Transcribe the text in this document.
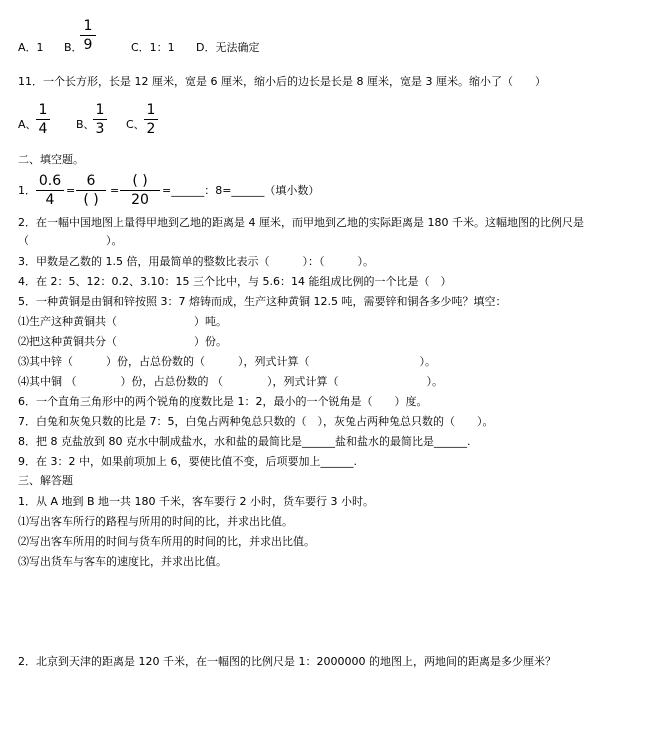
A．1 B．
1
9	C．1：1 D．无法确定
11．一个长方形，长是 12 厘米，宽是 6 厘米，缩小后的边长是长是 8 厘米，宽是 3 厘米。缩小了（　　）
A、
1
4	B、
1
3 C、
1
2
二、填空题。
1．
0.6
4
=
6
( )
=
( )
20
=______：8=______（填小数）
2．在一幅中国地图上量得甲地到乙地的距离是 4 厘米，而甲地到乙地的实际距离是 180 千米。这幅地图的比例尺是
（　　　　　　　）。
3．甲数是乙数的 1.5 倍，用最简单的整数比表示（　　　）：（　　　）。
4．在 2：5、12：0.2、3.10：15 三个比中，与 5.6：14 能组成比例的一个比是（　）
5．一种黄铜是由铜和锌按照 3：7 熔铸而成，生产这种黄铜 12.5 吨，需要锌和铜各多少吨？填空：
⑴生产这种黄铜共（　　　　　　　）吨。
⑵把这种黄铜共分（　　　　　　　）份。
⑶其中锌（　　　）份，占总份数的（　　　），列式计算（　　　　　　　　　　）。
⑷其中铜 （　　　　）份，占总份数的 （　　　　），列式计算（　　　　　　　　）。
6．一个直角三角形中的两个锐角的度数比是 1：2，最小的一个锐角是（　　）度。
7．白兔和灰兔只数的比是 7：5，白兔占两种兔总只数的（　），灰兔占两种兔总只数的（　　）。
8．把 8 克盐放到 80 克水中制成盐水，水和盐的最简比是______盐和盐水的最简比是______.
9．在 3：2 中，如果前项加上 6，要使比值不变，后项要加上______.
三、解答题
1．从 A 地到 B 地一共 180 千米，客车要行 2 小时，货车要行 3 小时。
⑴写出客车所行的路程与所用的时间的比，并求出比值。
⑵写出客车所用的时间与货车所用的时间的比，并求出比值。
⑶写出货车与客车的速度比，并求出比值。
2．北京到天津的距离是 120 千米，在一幅图的比例尺是 1：2000000 的地图上，两地间的距离是多少厘米？
